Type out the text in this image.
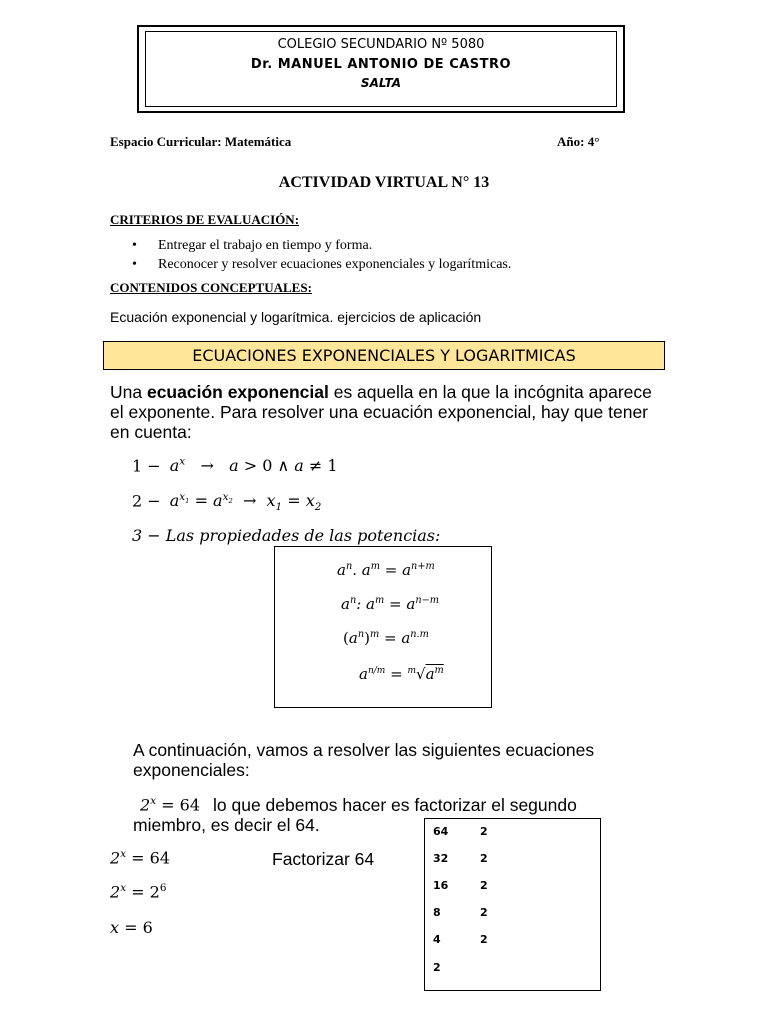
COLEGIO SECUNDARIO Nº 5080
Dr. MANUEL ANTONIO DE CASTRO
SALTA
Espacio Curricular: Matemática	Año: 4°
ACTIVIDAD VIRTUAL N° 13
CRITERIOS DE EVALUACIÓN:
• Entregar el trabajo en tiempo y forma.
• Reconocer y resolver ecuaciones exponenciales y logarítmicas.
CONTENIDOS CONCEPTUALES:
Ecuación exponencial y logarítmica. ejercicios de aplicación
ECUACIONES EXPONENCIALES Y LOGARITMICAS
Una ecuación exponencial es aquella en la que la incógnita aparece el exponente. Para resolver una ecuación exponencial, hay que tener en cuenta:
$1 - a^x \to a > 0$ ∧ a ≠ 1
$2 - a^{x_1} = a^{x_2} \to x_1 = x_2$
3 − Las propiedades de las potencias:
$a^n$. $a^m = a^{n+m}$
$a^n$: $a^m = a^{n-m}$
$(a^n)^m = a^{n.m}$
$a^{n/m} = ^m√a^m$
A continuación, vamos a resolver las siguientes ecuaciones exponenciales:
$2^x = 64$ lo que debemos hacer es factorizar el segundo miembro, es decir el 64.
$2^x = 64$	Factorizar 64
$2^x = 2^6$
x = 6
64	2
32	2
16	2
8	2
4	2
2
